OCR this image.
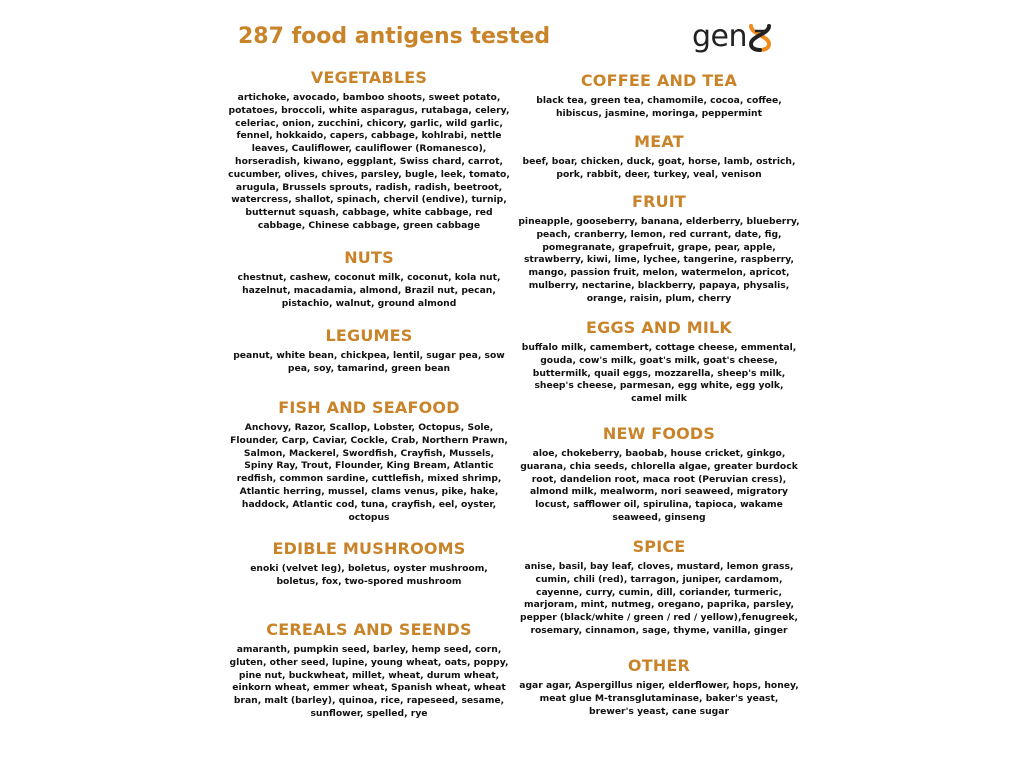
287 food antigens tested	gen
VEGETABLES

artichoke, avocado, bamboo shoots, sweet potato, potatoes, broccoli, white asparagus, rutabaga, celery, celeriac, onion, zucchini, chicory, garlic, wild garlic, fennel, hokkaido, capers, cabbage, kohlrabi, nettle leaves, Cauliflower, cauliflower (Romanesco), horseradish, kiwano, eggplant, Swiss chard, carrot, cucumber, olives, chives, parsley, bugle, leek, tomato, arugula, Brussels sprouts, radish, radish, beetroot, watercress, shallot, spinach, chervil (endive), turnip, butternut squash, cabbage, white cabbage, red cabbage, Chinese cabbage, green cabbage

NUTS

chestnut, cashew, coconut milk, coconut, kola nut, hazelnut, macadamia, almond, Brazil nut, pecan, pistachio, walnut, ground almond

LEGUMES

peanut, white bean, chickpea, lentil, sugar pea, sow pea, soy, tamarind, green bean

FISH AND SEAFOOD

Anchovy, Razor, Scallop, Lobster, Octopus, Sole, Flounder, Carp, Caviar, Cockle, Crab, Northern Prawn, Salmon, Mackerel, Swordfish, Crayfish, Mussels, Spiny Ray, Trout, Flounder, King Bream, Atlantic redfish, common sardine, cuttlefish, mixed shrimp, Atlantic herring, mussel, clams venus, pike, hake, haddock, Atlantic cod, tuna, crayfish, eel, oyster, octopus

EDIBLE MUSHROOMS

enoki (velvet leg), boletus, oyster mushroom, boletus, fox, two-spored mushroom

CEREALS AND SEENDS

amaranth, pumpkin seed, barley, hemp seed, corn, gluten, other seed, lupine, young wheat, oats, poppy, pine nut, buckwheat, millet, wheat, durum wheat, einkorn wheat, emmer wheat, Spanish wheat, wheat bran, malt (barley), quinoa, rice, rapeseed, sesame, sunflower, spelled, rye

COFFEE AND TEA

black tea, green tea, chamomile, cocoa, coffee, hibiscus, jasmine, moringa, peppermint

MEAT

beef, boar, chicken, duck, goat, horse, lamb, ostrich, pork, rabbit, deer, turkey, veal, venison

FRUIT

pineapple, gooseberry, banana, elderberry, blueberry, peach, cranberry, lemon, red currant, date, fig, pomegranate, grapefruit, grape, pear, apple, strawberry, kiwi, lime, lychee, tangerine, raspberry, mango, passion fruit, melon, watermelon, apricot, mulberry, nectarine, blackberry, papaya, physalis, orange, raisin, plum, cherry

EGGS AND MILK

buffalo milk, camembert, cottage cheese, emmental, gouda, cow's milk, goat's milk, goat's cheese, buttermilk, quail eggs, mozzarella, sheep's milk, sheep's cheese, parmesan, egg white, egg yolk, camel milk

NEW FOODS

aloe, chokeberry, baobab, house cricket, ginkgo, guarana, chia seeds, chlorella algae, greater burdock root, dandelion root, maca root (Peruvian cress), almond milk, mealworm, nori seaweed, migratory locust, safflower oil, spirulina, tapioca, wakame seaweed, ginseng

SPICE

anise, basil, bay leaf, cloves, mustard, lemon grass, cumin, chili (red), tarragon, juniper, cardamom, cayenne, curry, cumin, dill, coriander, turmeric, marjoram, mint, nutmeg, oregano, paprika, parsley, pepper (black/white / green / red / yellow),fenugreek, rosemary, cinnamon, sage, thyme, vanilla, ginger

OTHER

agar agar, Aspergillus niger, elderflower, hops, honey, meat glue M-transglutaminase, baker's yeast, brewer's yeast, cane sugar
